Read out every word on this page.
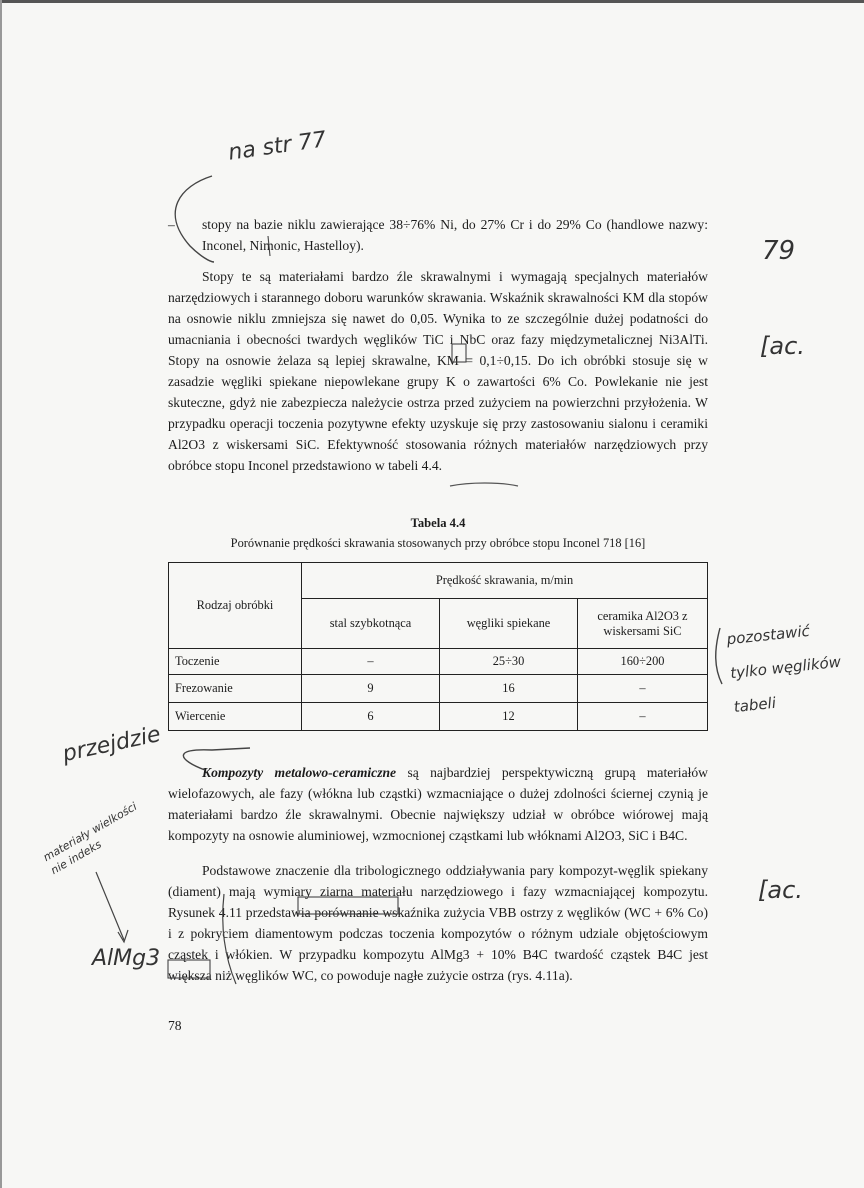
– stopy na bazie niklu zawierające 38÷76% Ni, do 27% Cr i do 29% Co (handlowe nazwy: Inconel, Nimonic, Hastelloy).

Stopy te są materiałami bardzo źle skrawalnymi i wymagają specjalnych materiałów narzędziowych i starannego doboru warunków skrawania. Wskaźnik skrawalności KM dla stopów na osnowie niklu zmniejsza się nawet do 0,05. Wynika to ze szczególnie dużej podatności do umacniania i obecności twardych węglików TiC i NbC oraz fazy międzymetalicznej Ni3AlTi. Stopy na osnowie żelaza są lepiej skrawalne, KM = 0,1÷0,15. Do ich obróbki stosuje się w zasadzie węgliki spiekane niepowlekane grupy K o zawartości 6% Co. Powlekanie nie jest skuteczne, gdyż nie zabezpiecza należycie ostrza przed zużyciem na powierzchni przyłożenia. W przypadku operacji toczenia pozytywne efekty uzyskuje się przy zastosowaniu sialonu i ceramiki Al2O3 z wiskersami SiC. Efektywność stosowania różnych materiałów narzędziowych przy obróbce stopu Inconel przedstawiono w tabeli 4.4.

Tabela 4.4
Porównanie prędkości skrawania stosowanych przy obróbce stopu Inconel 718 [16]
Rodzaj obróbki	Prędkość skrawania, m/min		
	stal szybkotnąca	węgliki spiekane	ceramika Al2O3 z wiskersami SiC
Toczenie	–	25÷30	160÷200
Frezowanie	9	16	–
Wiercenie	6	12	–

Kompozyty metalowo-ceramiczne są najbardziej perspektywiczną grupą materiałów wielofazowych, ale fazy (włókna lub cząstki) wzmacniające o dużej zdolności ściernej czynią je materiałami bardzo źle skrawalnymi. Obecnie największy udział w obróbce wiórowej mają kompozyty na osnowie aluminiowej, wzmocnionej cząstkami lub włóknami Al2O3, SiC i B4C.

Podstawowe znaczenie dla tribologicznego oddziaływania pary kompozyt-węglik spiekany (diament) mają wymiary ziarna materiału narzędziowego i fazy wzmacniającej kompozytu. Rysunek 4.11 przedstawia porównanie wskaźnika zużycia VBB ostrzy z węglików (WC + 6% Co) i z pokryciem diamentowym podczas toczenia kompozytów o różnym udziale objętościowym cząstek i włókien. W przypadku kompozytu AlMg3 + 10% B4C twardość cząstek B4C jest większa niż węglików WC, co powoduje nagłe zużycie ostrza (rys. 4.11a).

78
na str 77
79
[ac.
pozostawić tylko węglików tabeli
przejdzie
materiały wielkości nie indeks
AlMg3
[ac.
